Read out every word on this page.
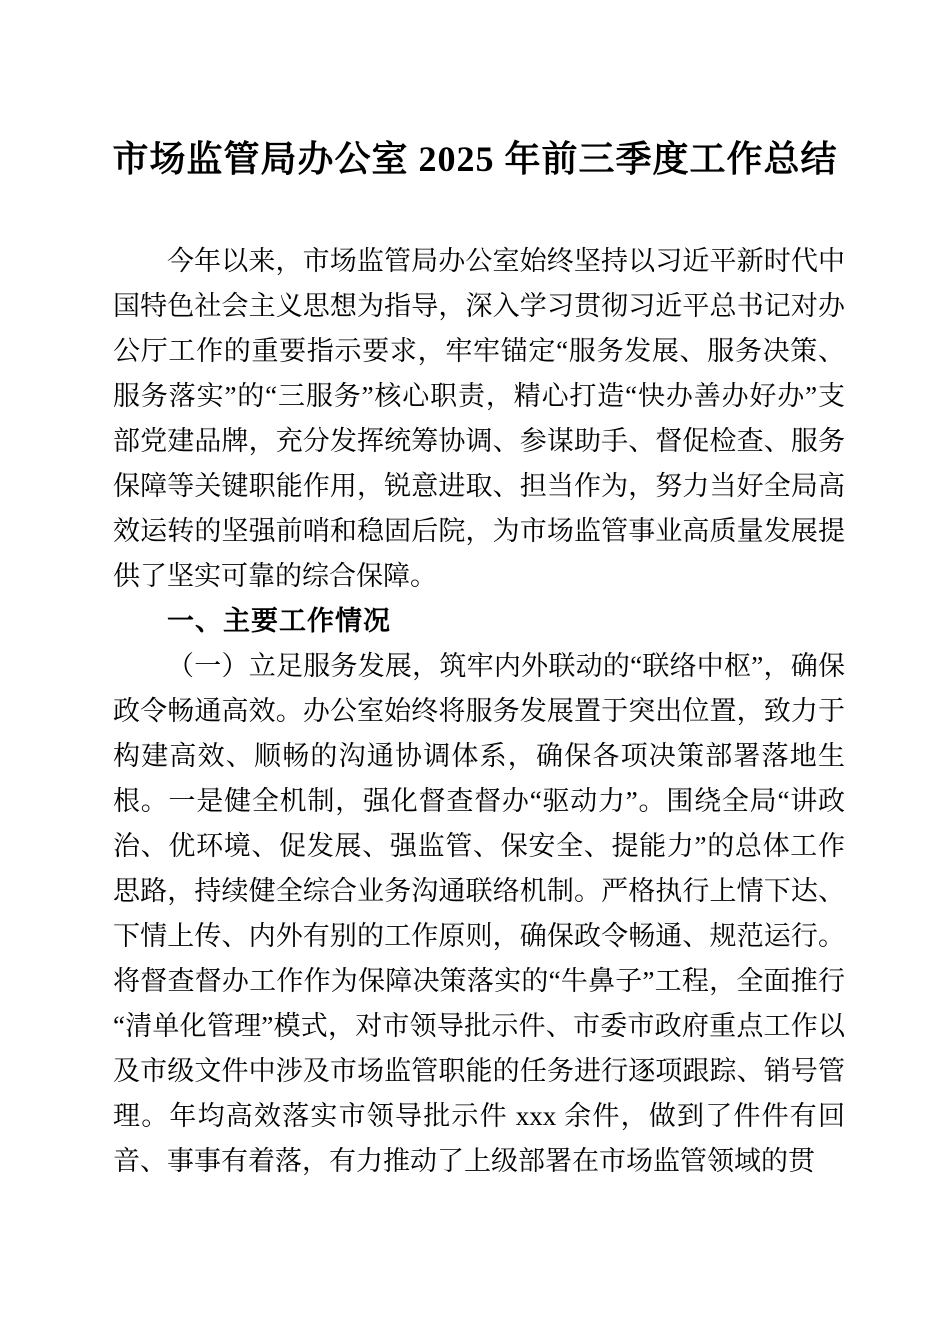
市场监管局办公室 2025 年前三季度工作总结

今年以来，市场监管局办公室始终坚持以习近平新时代中国特色社会主义思想为指导，深入学习贯彻习近平总书记对办公厅工作的重要指示要求，牢牢锚定“服务发展、服务决策、服务落实”的“三服务”核心职责，精心打造“快办善办好办”支部党建品牌，充分发挥统筹协调、参谋助手、督促检查、服务保障等关键职能作用，锐意进取、担当作为，努力当好全局高效运转的坚强前哨和稳固后院，为市场监管事业高质量发展提供了坚实可靠的综合保障。

一、主要工作情况

（一）立足服务发展，筑牢内外联动的“联络中枢”，确保政令畅通高效。办公室始终将服务发展置于突出位置，致力于构建高效、顺畅的沟通协调体系，确保各项决策部署落地生根。一是健全机制，强化督查督办“驱动力”。围绕全局“讲政治、优环境、促发展、强监管、保安全、提能力”的总体工作思路，持续健全综合业务沟通联络机制。严格执行上情下达、下情上传、内外有别的工作原则，确保政令畅通、规范运行。将督查督办工作作为保障决策落实的“牛鼻子”工程，全面推行“清单化管理”模式，对市领导批示件、市委市政府重点工作以及市级文件中涉及市场监管职能的任务进行逐项跟踪、销号管理。年均高效落实市领导批示件 xxx 余件，做到了件件有回音、事事有着落，有力推动了上级部署在市场监管领域的贯
